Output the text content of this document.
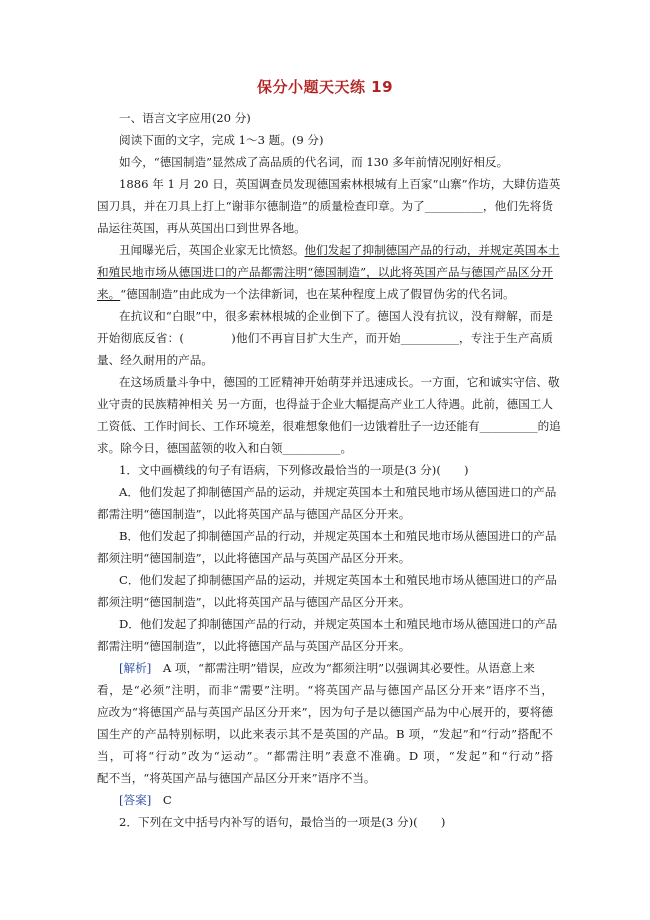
保分小题天天练 19
一、语言文字应用(20 分)
阅读下面的文字，完成 1～3 题。(9 分)
如今，“德国制造”显然成了高品质的代名词，而 130 多年前情况刚好相反。
1886 年 1 月 20 日，英国调查员发现德国索林根城有上百家“山寨”作坊，大肆仿造英
国刀具，并在刀具上打上“谢菲尔德制造”的质量检查印章。为了__________，他们先将货
品运往英国，再从英国出口到世界各地。
丑闻曝光后，英国企业家无比愤怒。他们发起了抑制德国产品的行动，并规定英国本土
和殖民地市场从德国进口的产品都需注明“德国制造”，以此将英国产品与德国产品区分开
来。“德国制造”由此成为一个法律新词，也在某种程度上成了假冒伪劣的代名词。
在抗议和“白眼”中，很多索林根城的企业倒下了。德国人没有抗议，没有辩解，而是
开始彻底反省：(　　　　)他们不再盲目扩大生产，而开始__________，专注于生产高质
量、经久耐用的产品。
在这场质量斗争中，德国的工匠精神开始萌芽并迅速成长。一方面，它和诚实守信、敬
业守责的民族精神相关 另一方面，也得益于企业大幅提高产业工人待遇。此前，德国工人
工资低、工作时间长、工作环境差，很难想象他们一边饿着肚子一边还能有__________的追
求。除今日，德国蓝领的收入和白领__________。
1．文中画横线的句子有语病，下列修改最恰当的一项是(3 分)(　　)
A．他们发起了抑制德国产品的运动，并规定英国本土和殖民地市场从德国进口的产品
都需注明“德国制造”，以此将英国产品与德国产品区分开来。
B．他们发起了抑制德国产品的行动，并规定英国本土和殖民地市场从德国进口的产品
都须注明“德国制造”，以此将德国产品与英国产品区分开来。
C．他们发起了抑制德国产品的运动，并规定英国本土和殖民地市场从德国进口的产品
都须注明“德国制造”，以此将英国产品与德国产品区分开来。
D．他们发起了抑制德国产品的行动，并规定英国本土和殖民地市场从德国进口的产品
都需注明“德国制造”，以此将德国产品与英国产品区分开来。
[解析]　A 项，“都需注明”错误，应改为“都须注明”以强调其必要性。从语意上来
看，是“必须”注明，而非“需要”注明。“将英国产品与德国产品区分开来”语序不当，
应改为“将德国产品与英国产品区分开来”，因为句子是以德国产品为中心展开的，要将德
国生产的产品特别标明，以此来表示其不是英国的产品。B 项，“发起”和“行动”搭配不
当，可将“行动”改为“运动”。“都需注明”表意不准确。D 项，“发起”和“行动”搭
配不当，“将英国产品与德国产品区分开来”语序不当。
[答案]　C
2．下列在文中括号内补写的语句，最恰当的一项是(3 分)(　　)
